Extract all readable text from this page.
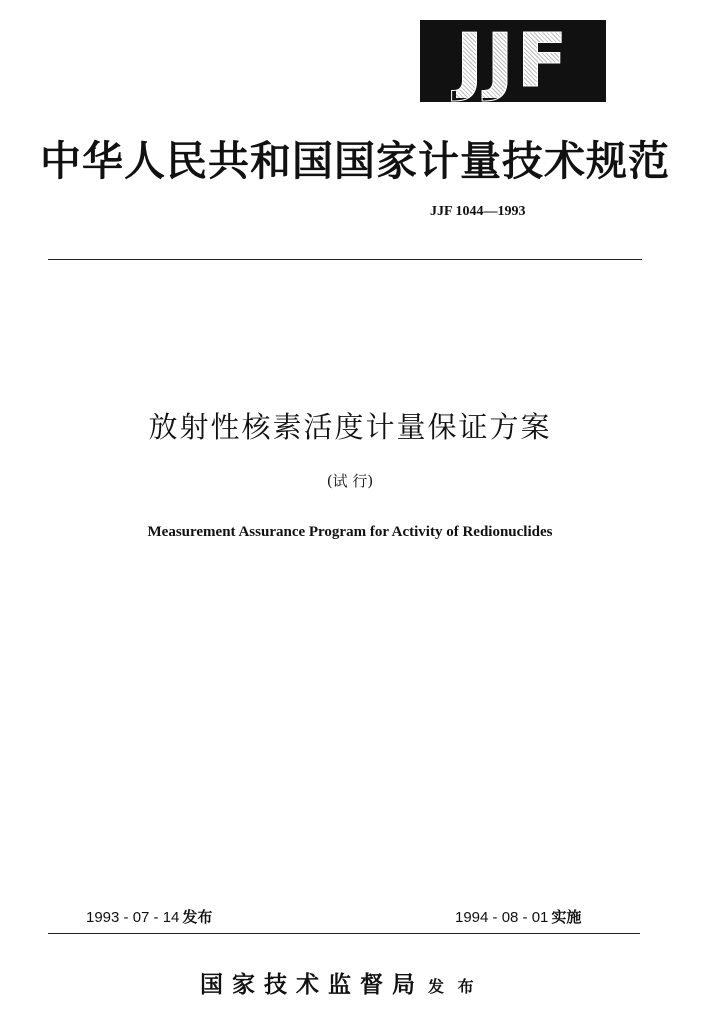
JJF
中华人民共和国国家计量技术规范
JJF 1044—1993
放射性核素活度计量保证方案
(试 行)
Measurement Assurance Program for Activity of Redionuclides
1993 - 07 - 14 发布	1994 - 08 - 01 实施
国家技术监督局 发 布
